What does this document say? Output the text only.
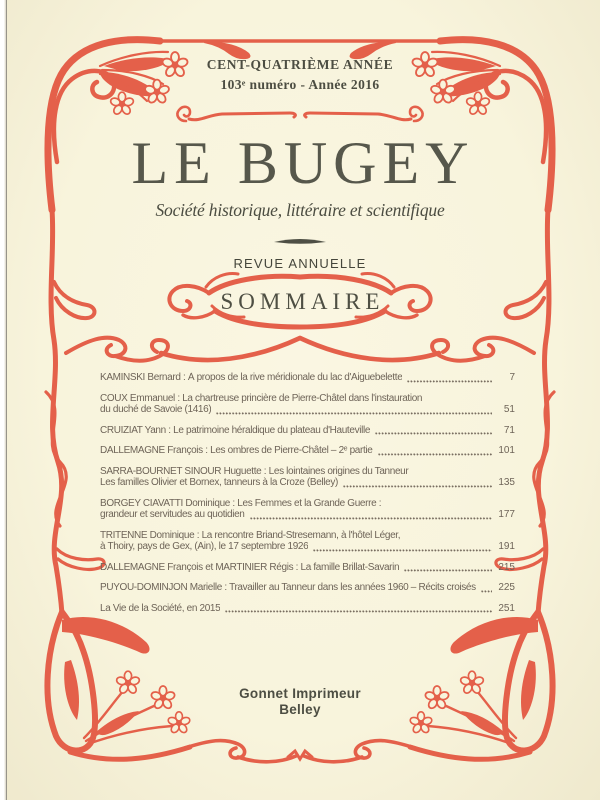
CENT-QUATRIÈME ANNÉE
103ᵉ numéro - Année 2016
LE BUGEY
Société historique, littéraire et scientifique
REVUE ANNUELLE
SOMMAIRE
KAMINSKI Bernard : À propos de la rive méridionale du lac d'Aiguebelette	7
COUX Emmanuel : La chartreuse princière de Pierre-Châtel dans l'instauration
du duché de Savoie (1416)	51
CRUIZIAT Yann : Le patrimoine héraldique du plateau d'Hauteville	71
DALLEMAGNE François : Les ombres de Pierre-Châtel – 2ᵉ partie	101
SARRA-BOURNET SINOUR Huguette : Les lointaines origines du Tanneur
Les familles Olivier et Bornex, tanneurs à la Croze (Belley)	135
BORGEY CIAVATTI Dominique : Les Femmes et la Grande Guerre :
grandeur et servitudes au quotidien	177
TRITENNE Dominique : La rencontre Briand-Stresemann, à l'hôtel Léger,
à Thoiry, pays de Gex, (Ain), le 17 septembre 1926	191
DALLEMAGNE François et MARTINIER Régis : La famille Brillat-Savarin	215
PUYOU-DOMINJON Marielle : Travailler au Tanneur dans les années 1960 – Récits croisés	225
La Vie de la Société, en 2015	251
Gonnet Imprimeur
Belley
